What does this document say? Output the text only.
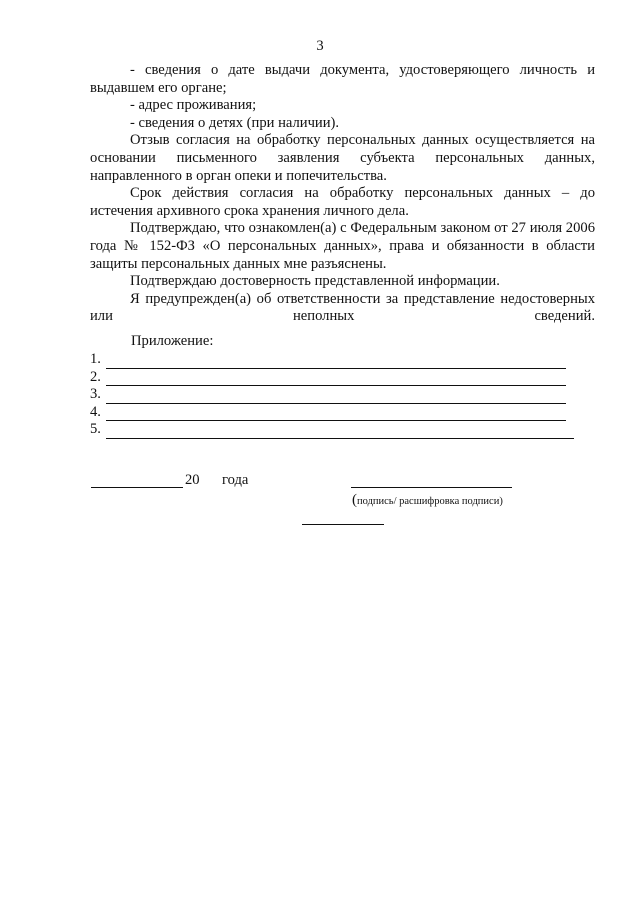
3

- сведения о дате выдачи документа, удостоверяющего личность и выдавшем его органе;

- адрес проживания;

- сведения о детях (при наличии).

Отзыв согласия на обработку персональных данных осуществляется на основании письменного заявления субъекта персональных данных, направленного в орган опеки и попечительства.

Срок действия согласия на обработку персональных данных – до истечения архивного срока хранения личного дела.

Подтверждаю, что ознакомлен(а) с Федеральным законом от 27 июля 2006 года № 152-ФЗ «О персональных данных», права и обязанности в области защиты персональных данных мне разъяснены.

Подтверждаю достоверность представленной информации.

Я предупрежден(а) об ответственности за представление недостоверных или неполных сведений.

Приложение:
1.
2.
3.
4.
5.
20 года
(подпись/ расшифровка подписи)
